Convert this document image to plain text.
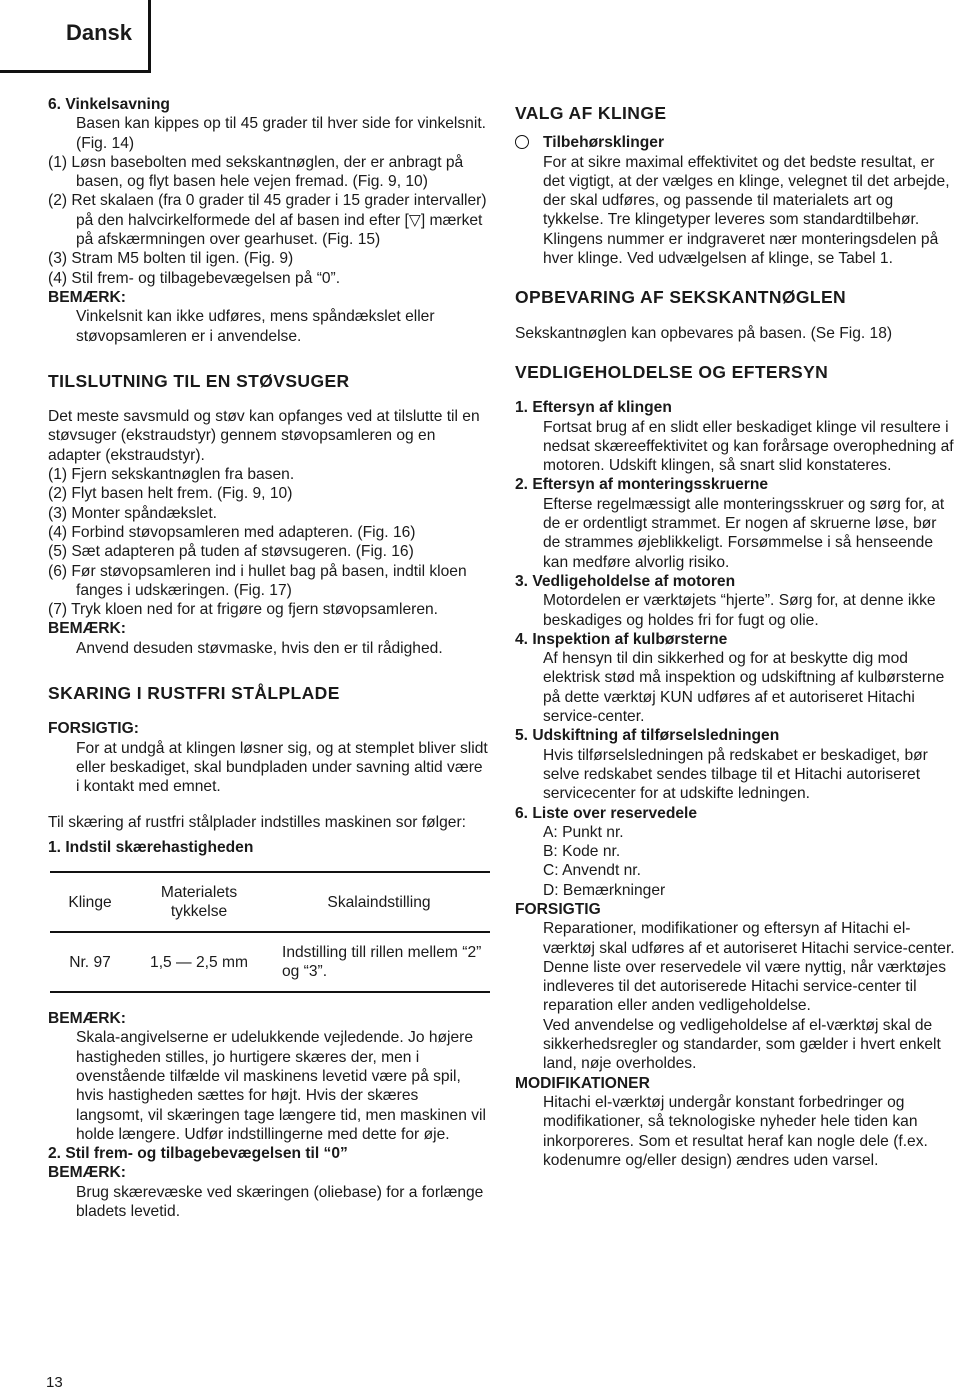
Dansk

6. Vinkelsavning

Basen kan kippes op til 45 grader til hver side for vinkelsnit. (Fig. 14)

(1) Løsn basebolten med sekskantnøglen, der er anbragt på basen, og flyt basen hele vejen fremad. (Fig. 9, 10)

(2) Ret skalaen (fra 0 grader til 45 grader i 15 grader intervaller) på den halvcirkelformede del af basen ind efter [▽] mærket på afskærmningen over gearhuset. (Fig. 15)

(3) Stram M5 bolten til igen. (Fig. 9)

(4) Stil frem- og tilbagebevægelsen på “0”.

BEMÆRK:

Vinkelsnit kan ikke udføres, mens spåndækslet eller støvopsamleren er i anvendelse.

TILSLUTNING TIL EN STØVSUGER

Det meste savsmuld og støv kan opfanges ved at tilslutte til en støvsuger (ekstraudstyr) gennem støvopsamleren og en adapter (ekstraudstyr).

(1) Fjern sekskantnøglen fra basen.

(2) Flyt basen helt frem. (Fig. 9, 10)

(3) Monter spåndækslet.

(4) Forbind støvopsamleren med adapteren. (Fig. 16)

(5) Sæt adapteren på tuden af støvsugeren. (Fig. 16)

(6) Før støvopsamleren ind i hullet bag på basen, indtil kloen fanges i udskæringen. (Fig. 17)

(7) Tryk kloen ned for at frigøre og fjern støvopsamleren.

BEMÆRK:

Anvend desuden støvmaske, hvis den er til rådighed.

SKARING I RUSTFRI STÅLPLADE

FORSIGTIG:

For at undgå at klingen løsner sig, og at stemplet bliver slidt eller beskadiget, skal bundpladen under savning altid være i kontakt med emnet.

Til skæring af rustfri stålplader indstilles maskinen sor følger:

1. Indstil skærehastigheden

Klinge	Materialets tykkelse	Skalaindstilling
Nr. 97	1,5 — 2,5 mm	Indstilling till rillen mellem “2” og “3”.

BEMÆRK:

Skala-angivelserne er udelukkende vejledende. Jo højere hastigheden stilles, jo hurtigere skæres der, men i ovenstående tilfælde vil maskinens levetid være på spil, hvis hastigheden sættes for højt. Hvis der skæres langsomt, vil skæringen tage længere tid, men maskinen vil holde længere. Udfør indstillingerne med dette for øje.

2. Stil frem- og tilbagebevægelsen til “0”

BEMÆRK:

Brug skærevæske ved skæringen (oliebase) for a forlænge bladets levetid.

VALG AF KLINGE

Tilbehørsklinger

For at sikre maximal effektivitet og det bedste resultat, er det vigtigt, at der vælges en klinge, velegnet til det arbejde, der skal udføres, og passende til materialets art og tykkelse. Tre klingetyper leveres som standardtilbehør. Klingens nummer er indgraveret nær monteringsdelen på hver klinge. Ved udvælgelsen af klinge, se Tabel 1.

OPBEVARING AF SEKSKANTNØGLEN

Sekskantnøglen kan opbevares på basen. (Se Fig. 18)

VEDLIGEHOLDELSE OG EFTERSYN

1. Eftersyn af klingen

Fortsat brug af en slidt eller beskadiget klinge vil resultere i nedsat skæreeffektivitet og kan forårsage overophedning af motoren. Udskift klingen, så snart slid konstateres.

2. Eftersyn af monteringsskruerne

Efterse regelmæssigt alle monteringsskruer og sørg for, at de er ordentligt strammet. Er nogen af skruerne løse, bør de strammes øjeblikkeligt. Forsømmelse i så henseende kan medføre alvorlig risiko.

3. Vedligeholdelse af motoren

Motordelen er værktøjets “hjerte”. Sørg for, at denne ikke beskadiges og holdes fri for fugt og olie.

4. Inspektion af kulbørsterne

Af hensyn til din sikkerhed og for at beskytte dig mod elektrisk stød må inspektion og udskiftning af kulbørsterne på dette værktøj KUN udføres af et autoriseret Hitachi service-center.

5. Udskiftning af tilførselsledningen

Hvis tilførselsledningen på redskabet er beskadiget, bør selve redskabet sendes tilbage til et Hitachi autoriseret servicecenter for at udskifte ledningen.

6. Liste over reservedele

A: Punkt nr.

B: Kode nr.

C: Anvendt nr.

D: Bemærkninger

FORSIGTIG

Reparationer, modifikationer og eftersyn af Hitachi el-værktøj skal udføres af et autoriseret Hitachi service-center.

Denne liste over reservedele vil være nyttig, når værktøjes indleveres til det autoriserede Hitachi service-center til reparation eller anden vedligeholdelse.

Ved anvendelse og vedligeholdelse af el-værktøj skal de sikkerhedsregler og standarder, som gælder i hvert enkelt land, nøje overholdes.

MODIFIKATIONER

Hitachi el-værktøj undergår konstant forbedringer og modifikationer, så teknologiske nyheder hele tiden kan inkorporeres. Som et resultat heraf kan nogle dele (f.ex. kodenumre og/eller design) ændres uden varsel.

13
